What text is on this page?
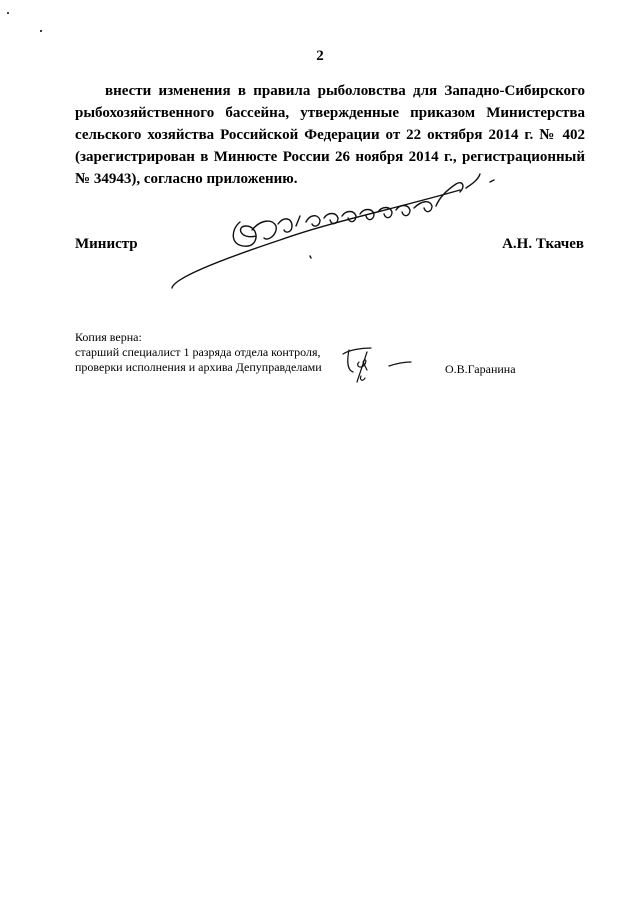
2

внести изменения в правила рыболовства для Западно-Сибирского рыбохозяйственного бассейна, утвержденные приказом Министерства сельского хозяйства Российской Федерации от 22 октября 2014 г. № 402 (зарегистрирован в Минюсте России 26 ноября 2014 г., регистрационный № 34943), согласно приложению.

Министр	А.Н. Ткачев
Копия верна:
старший специалист 1 разряда отдела контроля,
проверки исполнения и архива Депуправделами	О.В.Гаранина
